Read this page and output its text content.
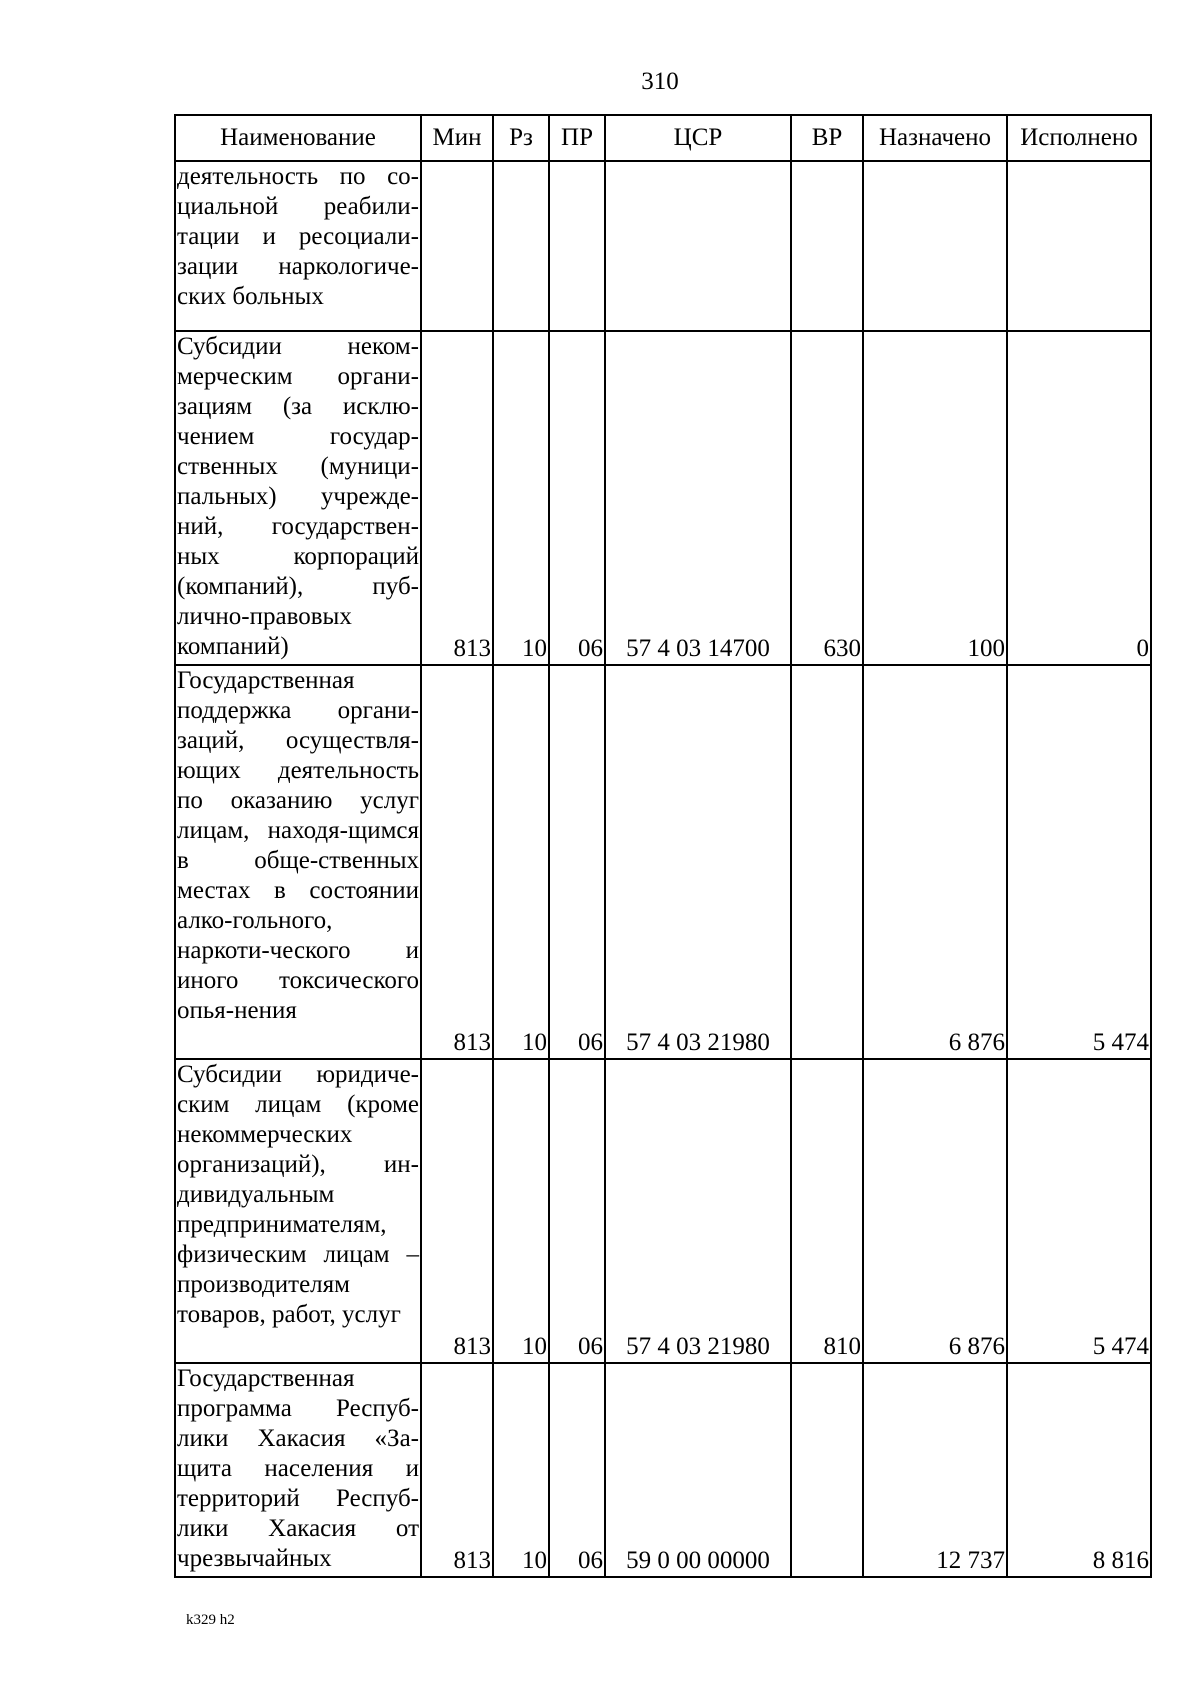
310
Наименование	Мин	Рз	ПР	ЦСР	ВР	Назначено	Исполнено
деятельность по со-циальной реабили-тации и ресоциали-зации наркологиче-ских больных							
Субсидии неком-мерческим органи-зациям (за исклю-чением государ-ственных (муници-пальных) учрежде-ний, государствен-ных корпораций (компаний), пуб-лично-правовых компаний)	813	10	06	57 4 03 14700	630	100	0
Государственная поддержка органи-заций, осуществля-ющих деятельность по оказанию услуг лицам, находя-щимся в обще-ственных местах в состоянии алко-гольного, наркоти-ческого и иного токсического опья-нения	813	10	06	57 4 03 21980		6 876	5 474
Субсидии юридиче-ским лицам (кроме некоммерческих организаций), ин-дивидуальным предпринимателям, физическим лицам – производителям товаров, работ, услуг	813	10	06	57 4 03 21980	810	6 876	5 474
Государственная программа Респуб-лики Хакасия «За-щита населения и территорий Респуб-лики Хакасия от чрезвычайных	813	10	06	59 0 00 00000		12 737	8 816
k329 h2
